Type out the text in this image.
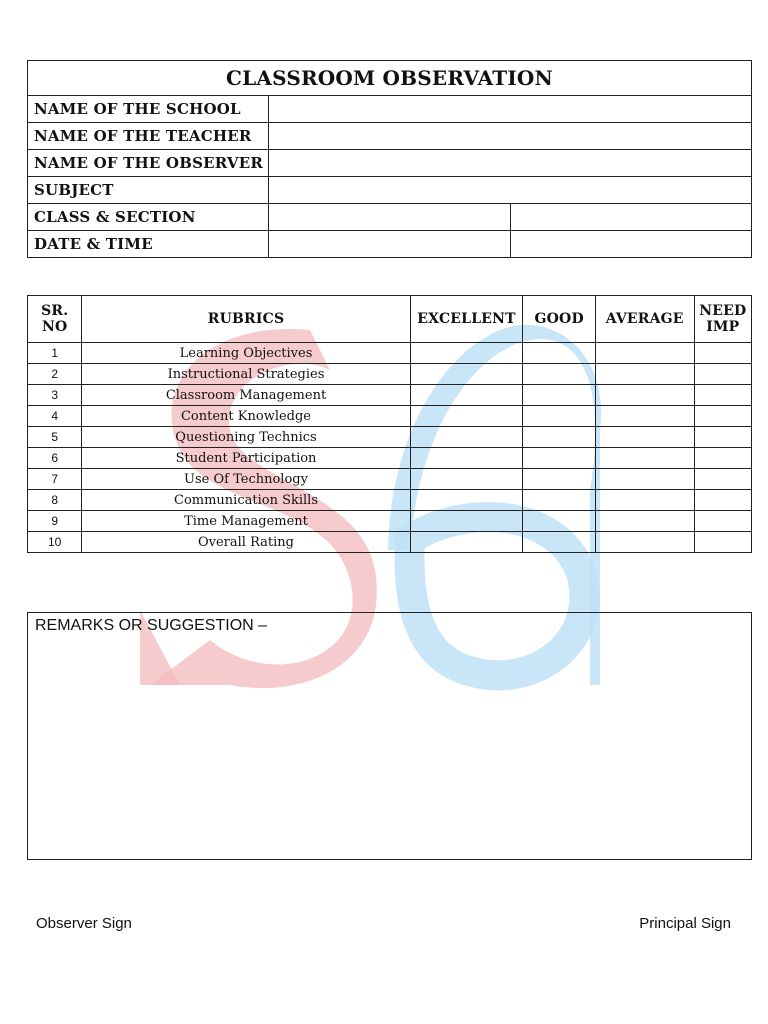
CLASSROOM OBSERVATION		
NAME OF THE SCHOOL		
NAME OF THE TEACHER		
NAME OF THE OBSERVER		
SUBJECT		
CLASS & SECTION		
DATE & TIME		
SR. NO	RUBRICS	EXCELLENT	GOOD	AVERAGE	NEED IMP
1	Learning Objectives				
2	Instructional Strategies				
3	Classroom Management				
4	Content Knowledge				
5	Questioning Technics				
6	Student Participation				
7	Use Of Technology				
8	Communication Skills				
9	Time Management				
10	Overall Rating				
REMARKS OR SUGGESTION –
Observer Sign	Principal Sign
